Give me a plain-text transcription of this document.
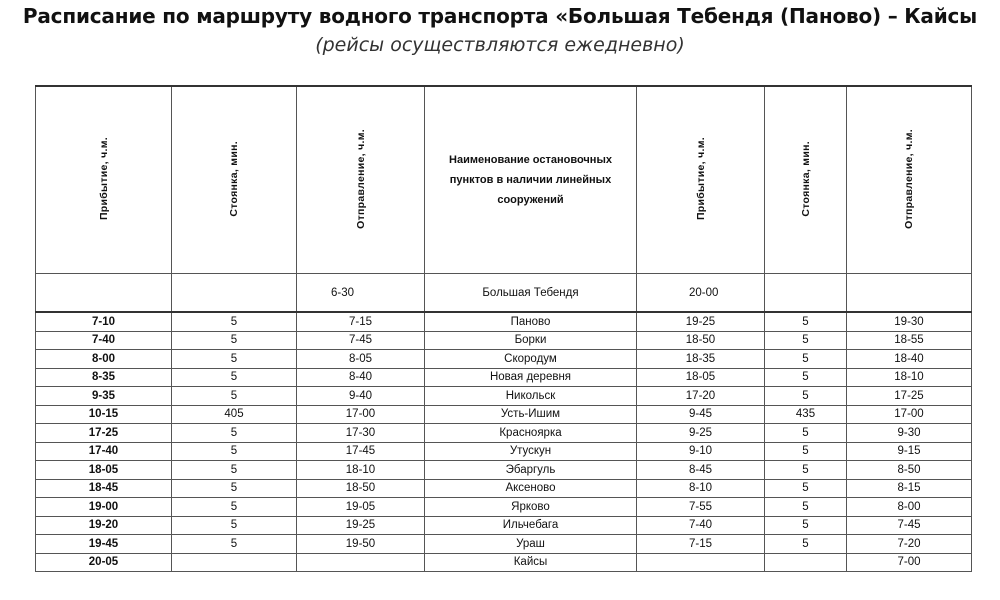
Расписание по маршруту водного транспорта «Большая Тебендя (Паново) – Кайсы
(рейсы осуществляются ежедневно)
Прибытие, ч.м.	Стоянка, мин.	Отправление, ч.м.	Наименование остановочных пунктов в наличии линейных сооружений	Прибытие, ч.м.	Стоянка, мин.	Отправление, ч.м.
		6-30	Большая Тебендя	20-00		
7-10	5	7-15	Паново	19-25	5	19-30
7-40	5	7-45	Борки	18-50	5	18-55
8-00	5	8-05	Скородум	18-35	5	18-40
8-35	5	8-40	Новая деревня	18-05	5	18-10
9-35	5	9-40	Никольск	17-20	5	17-25
10-15	405	17-00	Усть-Ишим	9-45	435	17-00
17-25	5	17-30	Красноярка	9-25	5	9-30
17-40	5	17-45	Утускун	9-10	5	9-15
18-05	5	18-10	Эбаргуль	8-45	5	8-50
18-45	5	18-50	Аксеново	8-10	5	8-15
19-00	5	19-05	Ярково	7-55	5	8-00
19-20	5	19-25	Ильчебага	7-40	5	7-45
19-45	5	19-50	Ураш	7-15	5	7-20
20-05			Кайсы			7-00
